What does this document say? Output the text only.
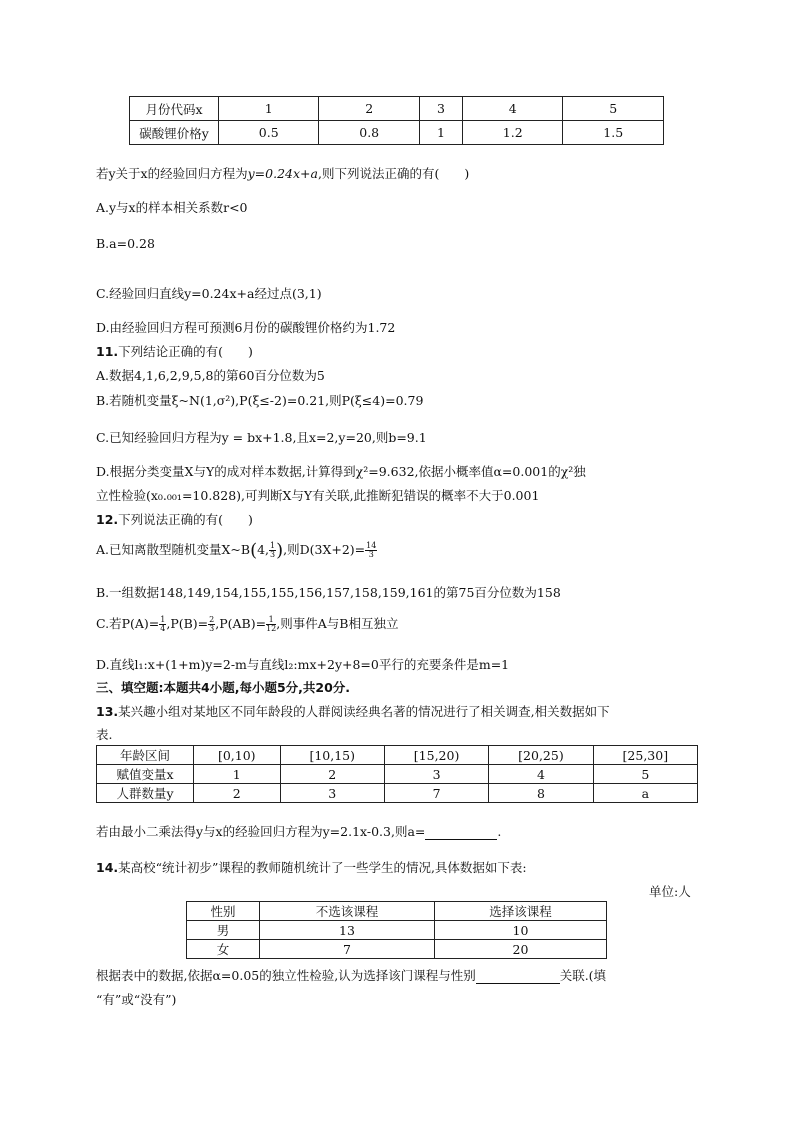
月份代码x	1	2	3	4	5
碳酸锂价格y	0.5	0.8	1	1.2	1.5
若y关于x的经验回归方程为y=0.24x+a,则下列说法正确的有(　　)
A.y与x的样本相关系数r<0
B.a=0.28
C.经验回归直线y=0.24x+a经过点(3,1)
D.由经验回归方程可预测6月份的碳酸锂价格约为1.72
11.下列结论正确的有(　　)
A.数据4,1,6,2,9,5,8的第60百分位数为5
B.若随机变量ξ~N(1,σ²),P(ξ≤-2)=0.21,则P(ξ≤4)=0.79
C.已知经验回归方程为y = bx+1.8,且x=2,y=20,则b=9.1
D.根据分类变量X与Y的成对样本数据,计算得到χ²=9.632,依据小概率值α=0.001的χ²独
立性检验(x₀.₀₀₁=10.828),可判断X与Y有关联,此推断犯错误的概率不大于0.001
12.下列说法正确的有(　　)
A.已知离散型随机变量X~B(4, $\frac{1}{3}$ ),则$D(3X+2)= \frac{14}{3}$
B.一组数据148,149,154,155,155,156,157,158,159,161的第75百分位数为158
C.若$P(A)= \frac{1}{4} ,P(B)= \frac{2}{3} ,P(AB)= \frac{1}{12}$ ,则事件A与B相互独立
D.直线l₁:x+(1+m)y=2-m与直线l₂:mx+2y+8=0平行的充要条件是m=1
三、填空题:本题共4小题,每小题5分,共20分.
13.某兴趣小组对某地区不同年龄段的人群阅读经典名著的情况进行了相关调查,相关数据如下
表.
年龄区间	[0,10)	[10,15)	[15,20)	[20,25)	[25,30]
赋值变量x	1	2	3	4	5
人群数量y	2	3	7	8	a
若由最小二乘法得y与x的经验回归方程为y=2.1x-0.3,则a=	.
14.某高校“统计初步”课程的教师随机统计了一些学生的情况,具体数据如下表:
单位:人
性别	不选该课程	选择该课程
男	13	10
女	7	20
根据表中的数据,依据α=0.05的独立性检验,认为选择该门课程与性别	关联.(填
“有”或“没有”)
